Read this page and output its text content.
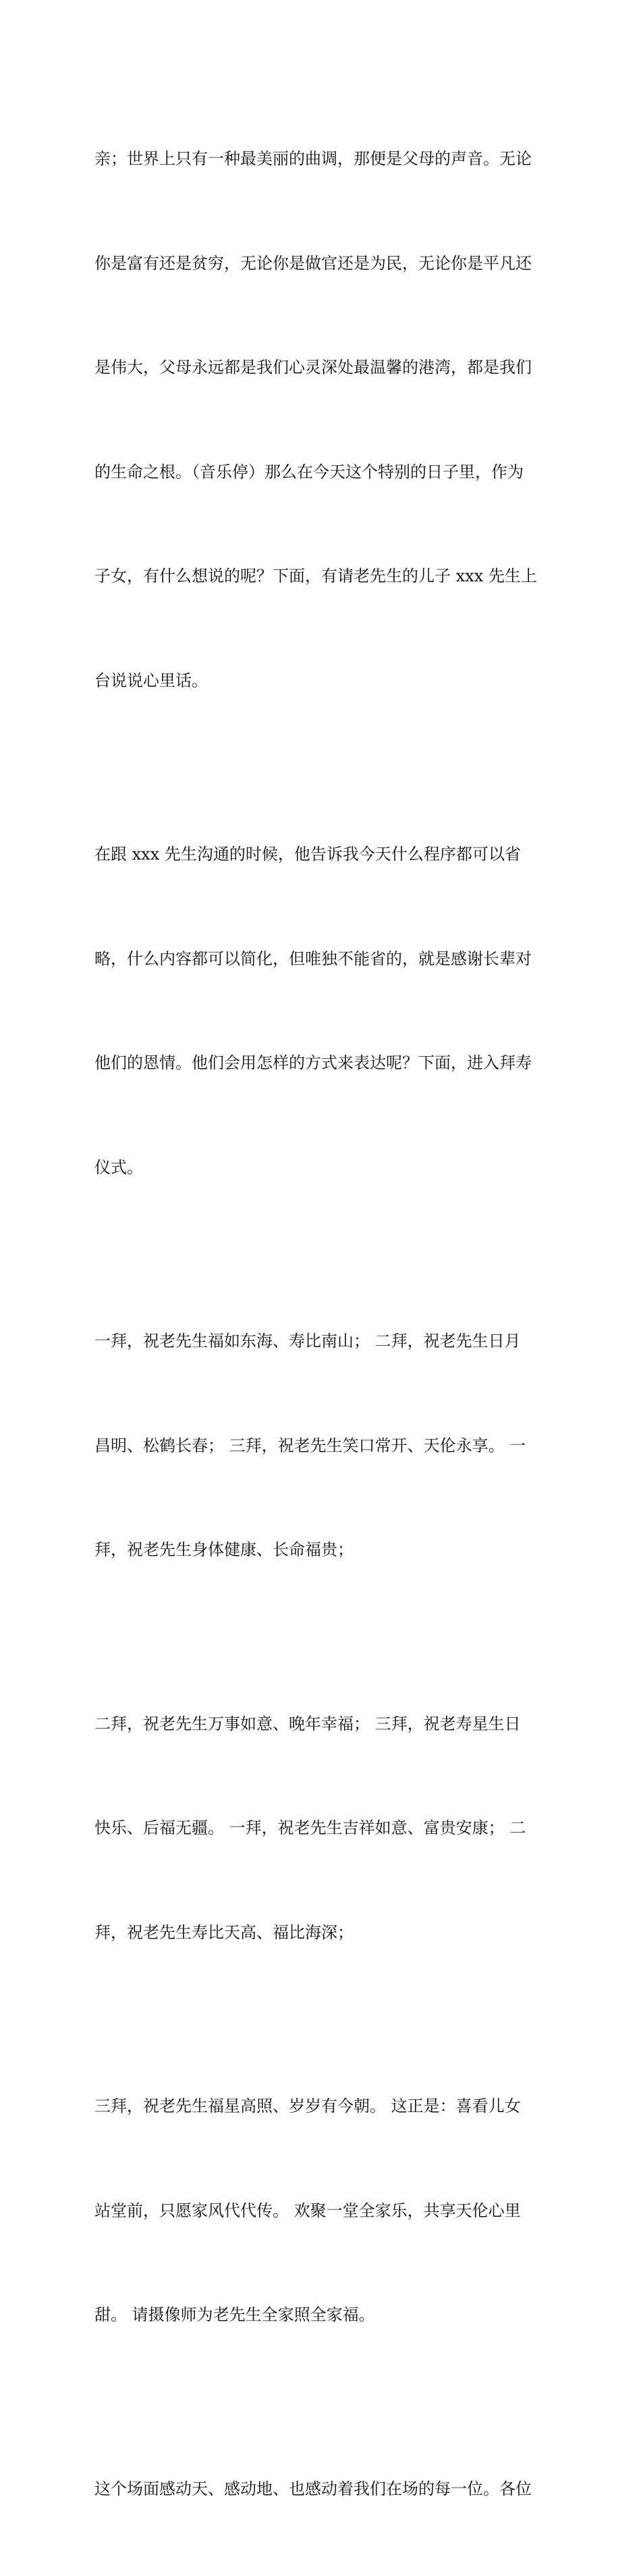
亲；世界上只有一种最美丽的曲调，那便是父母的声音。无论

你是富有还是贫穷，无论你是做官还是为民，无论你是平凡还

是伟大，父母永远都是我们心灵深处最温馨的港湾，都是我们

的生命之根。（音乐停）那么在今天这个特别的日子里，作为

子女，有什么想说的呢？下面，有请老先生的儿子 xxx 先生上

台说说心里话。

在跟 xxx 先生沟通的时候，他告诉我今天什么程序都可以省

略，什么内容都可以简化，但唯独不能省的，就是感谢长辈对

他们的恩情。他们会用怎样的方式来表达呢？下面，进入拜寿

仪式。

一拜，祝老先生福如东海、寿比南山； 二拜，祝老先生日月

昌明、松鹤长春； 三拜，祝老先生笑口常开、天伦永享。 一

拜，祝老先生身体健康、长命福贵；

二拜，祝老先生万事如意、晚年幸福； 三拜，祝老寿星生日

快乐、后福无疆。 一拜，祝老先生吉祥如意、富贵安康； 二

拜，祝老先生寿比天高、福比海深；

三拜，祝老先生福星高照、岁岁有今朝。 这正是：喜看儿女

站堂前，只愿家风代代传。 欢聚一堂全家乐，共享天伦心里

甜。 请摄像师为老先生全家照全家福。

这个场面感动天、感动地、也感动着我们在场的每一位。各位
